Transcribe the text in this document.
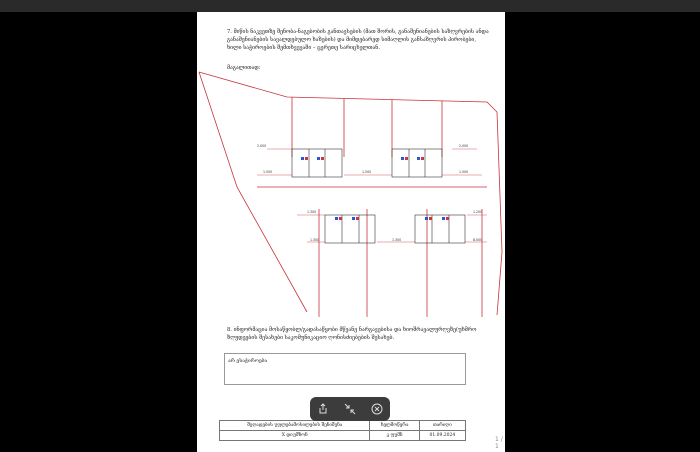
7. მიწის ნაკვეთზე შენობა-ნაგებობის განთავსების (მათ შორის, განაშენიანების საზღვრების ანდა განაშენიანების სავალდებულო ხაზების) და მიმდებარედ სიმაღლის განსაზღვრის პირობები, ხილი საჭიროების შემთხვევაში – ცერეთე სარიცხელთან.
მაგალითად:
2.000	2.000
1.500	1.500	1.500
1.300	1.200
1.300	1.300	8.000
8. ინფორმაცია მოსაწყობლ/გადასაწყობი მწვანე ნარგავებისა და ხიოშრავალურღვზე(უხმრო ზღუდეების შესახები საკომუნიკაციო ღონისძიებების შესახებ.
არ ესაჭიროება
შეღადების უფლებამოსილების შენიშვნა	ხელმოწერა	თარიღი
X დიუმზონ	კ ფუმნ	01.09.2024
1 / 1
